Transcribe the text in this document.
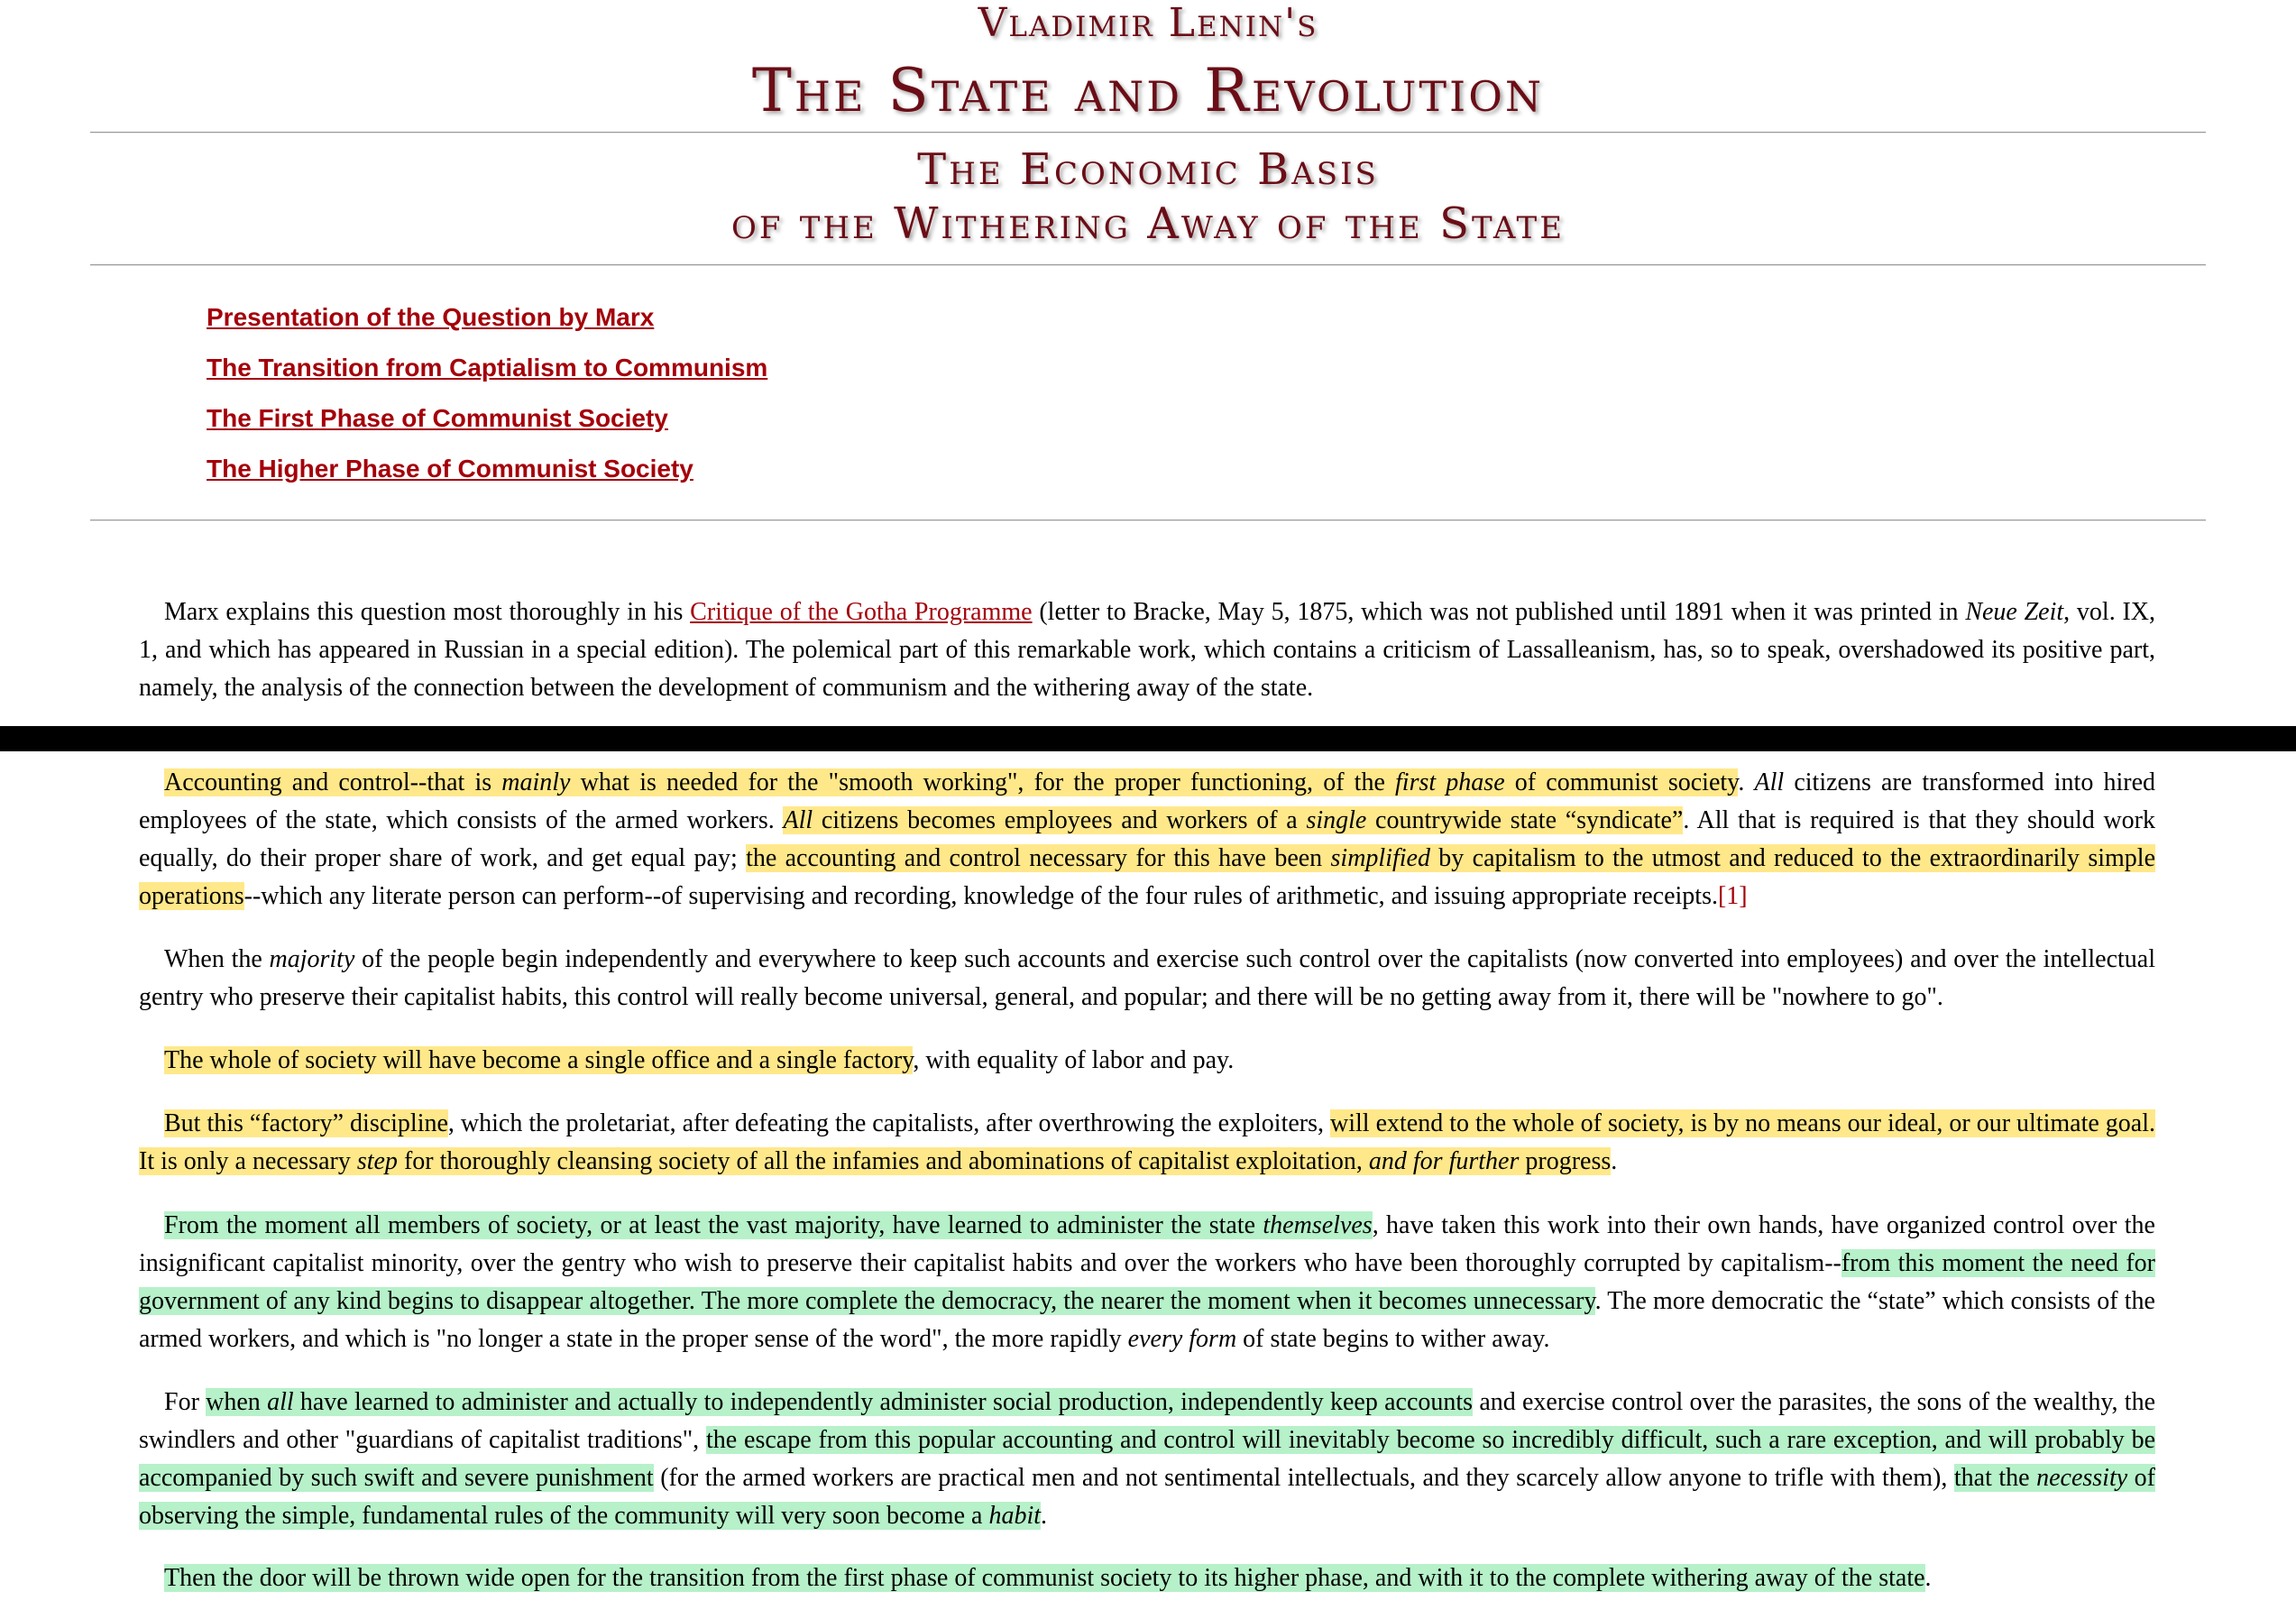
Vladimir Lenin's
The State and Revolution
The Economic Basis
of the Withering Away of the State
Presentation of the Question by Marx
The Transition from Captialism to Communism
The First Phase of Communist Society
The Higher Phase of Communist Society

Marx explains this question most thoroughly in his Critique of the Gotha Programme (letter to Bracke, May 5, 1875, which was not published until 1891 when it was printed in Neue Zeit, vol. IX, 1, and which has appeared in Russian in a special edition). The polemical part of this remarkable work, which contains a criticism of Lassalleanism, has, so to speak, overshadowed its positive part, namely, the analysis of the connection between the development of communism and the withering away of the state.

Accounting and control--that is mainly what is needed for the "smooth working", for the proper functioning, of the first phase of communist society. All citizens are transformed into hired employees of the state, which consists of the armed workers. All citizens becomes employees and workers of a single countrywide state “syndicate”. All that is required is that they should work equally, do their proper share of work, and get equal pay; the accounting and control necessary for this have been simplified by capitalism to the utmost and reduced to the extraordinarily simple operations--which any literate person can perform--of supervising and recording, knowledge of the four rules of arithmetic, and issuing appropriate receipts.[1]

When the majority of the people begin independently and everywhere to keep such accounts and exercise such control over the capitalists (now converted into employees) and over the intellectual gentry who preserve their capitalist habits, this control will really become universal, general, and popular; and there will be no getting away from it, there will be "nowhere to go".

The whole of society will have become a single office and a single factory, with equality of labor and pay.

But this “factory” discipline, which the proletariat, after defeating the capitalists, after overthrowing the exploiters, will extend to the whole of society, is by no means our ideal, or our ultimate goal. It is only a necessary step for thoroughly cleansing society of all the infamies and abominations of capitalist exploitation, and for further progress.

From the moment all members of society, or at least the vast majority, have learned to administer the state themselves, have taken this work into their own hands, have organized control over the insignificant capitalist minority, over the gentry who wish to preserve their capitalist habits and over the workers who have been thoroughly corrupted by capitalism--from this moment the need for government of any kind begins to disappear altogether. The more complete the democracy, the nearer the moment when it becomes unnecessary. The more democratic the “state” which consists of the armed workers, and which is "no longer a state in the proper sense of the word", the more rapidly every form of state begins to wither away.

For when all have learned to administer and actually to independently administer social production, independently keep accounts and exercise control over the parasites, the sons of the wealthy, the swindlers and other "guardians of capitalist traditions", the escape from this popular accounting and control will inevitably become so incredibly difficult, such a rare exception, and will probably be accompanied by such swift and severe punishment (for the armed workers are practical men and not sentimental intellectuals, and they scarcely allow anyone to trifle with them), that the necessity of observing the simple, fundamental rules of the community will very soon become a habit.

Then the door will be thrown wide open for the transition from the first phase of communist society to its higher phase, and with it to the complete withering away of the state.
